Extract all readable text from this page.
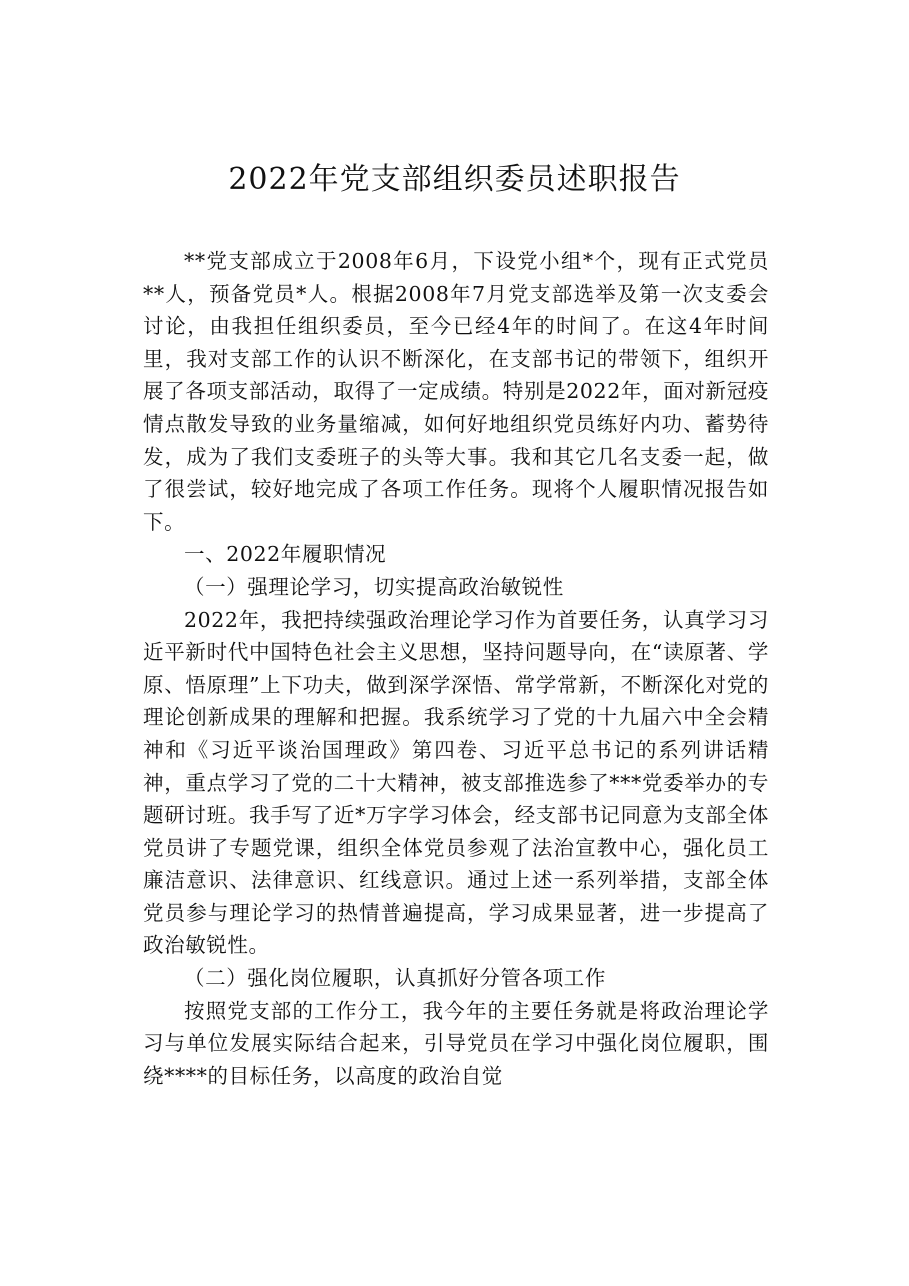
2022年党支部组织委员述职报告

**党支部成立于2008年6月，下设党小组*个，现有正式党员**人，预备党员*人。根据2008年7月党支部选举及第一次支委会讨论，由我担任组织委员，至今已经4年的时间了。在这4年时间里，我对支部工作的认识不断深化，在支部书记的带领下，组织开展了各项支部活动，取得了一定成绩。特别是2022年，面对新冠疫情点散发导致的业务量缩减，如何好地组织党员练好内功、蓄势待发，成为了我们支委班子的头等大事。我和其它几名支委一起，做了很尝试，较好地完成了各项工作任务。现将个人履职情况报告如下。

一、2022年履职情况

（一）强理论学习，切实提高政治敏锐性

2022年，我把持续强政治理论学习作为首要任务，认真学习习近平新时代中国特色社会主义思想，坚持问题导向，在“读原著、学原、悟原理”上下功夫，做到深学深悟、常学常新，不断深化对党的理论创新成果的理解和把握。我系统学习了党的十九届六中全会精神和《习近平谈治国理政》第四卷、习近平总书记的系列讲话精神，重点学习了党的二十大精神，被支部推选参了***党委举办的专题研讨班。我手写了近*万字学习体会，经支部书记同意为支部全体党员讲了专题党课，组织全体党员参观了法治宣教中心，强化员工廉洁意识、法律意识、红线意识。通过上述一系列举措，支部全体党员参与理论学习的热情普遍提高，学习成果显著，进一步提高了政治敏锐性。

（二）强化岗位履职，认真抓好分管各项工作

按照党支部的工作分工，我今年的主要任务就是将政治理论学习与单位发展实际结合起来，引导党员在学习中强化岗位履职，围绕****的目标任务，以高度的政治自觉
